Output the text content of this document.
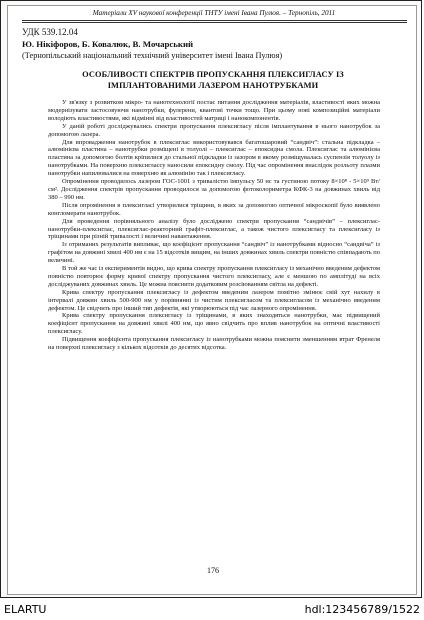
Матеріали XV наукової конференції ТНТУ імені Івана Пулюя. – Тернопіль, 2011
УДК 539.12.04
Ю. Нікіфоров, Б. Ковалюк, В. Мочарський
(Тернопільський національний технічний університет імені Івана Пулюя)
ОСОБЛИВОСТІ СПЕКТРІВ ПРОПУСКАННЯ ПЛЕКСИГЛАСУ ІЗ ІМПЛАНТОВАНИМИ ЛАЗЕРОМ НАНОТРУБКАМИ

У зв'язку з розвитком мікро- та нанотехнології постає питання дослідження матеріалів, властивості яких можна модернізувати застосовуючи нанотрубки, фулерени, квантові точки тощо. При цьому нові композиційні матеріали володіють властивостями, які відмінні від властивостей матриці і нанокомпонентів.

У даній роботі досліджувались спектри пропускання плексигласу після імплантування в нього нанотрубок за допомогою лазера.

Для впровадження нанотрубок в плексиглас використовувався багатошаровий “сандвіч”: стальна підкладка – алюмінієва пластина – нанотрубки розміщені в толуолі – плексиглас – епоксидна смола. Плексиглас та алюмінієва пластина за допомогою болтів кріпилися до стальної підкладки із зазором в якому розміщувалась суспензія толуолу із нанотрубками. На поверхню плексиглассу наносили епоксидну смолу. Під час опромінення внаслідок розльоту плазми нанотрубки напилювалися на поверхню як алюмінію так і плексигласу.

Опромінення проводилось лазером ГОС-1001 з тривалістю імпульсу 50 нс та густиною потоку 8×10⁸ - 5×10⁹ Вт/см². Дослідження спектрів пропускання проводилося за допомогою фотоколориметра КФК-3 на довжинах хвиль від 380 – 990 нм.

Після опромінення в плексигласі утворилися тріщини, в яких за допомогою оптичної мікроскопії було виявлено конгломерати нанотрубок.

Для проведення порівняльного аналізу було досліджено спектри пропускання “сандвічів” – плексиглас-нанотрубки-плексиглас, плексиглас-реакторний графіт-плексиглас, а також чистого плексигласу та плексигласу із тріщинами при різній тривалості і величині навантаження.

Із отриманих результатів випливає, що коефіцієнт пропускання “сандвіч” із нанотрубками відносно “сандвіча” із графітом на довжині хвилі 400 нм є на 15 відсотків вищим, на інших довжинах хвиль спектри повністю співпадають по величині.

В той же час із експериментів видно, що крива спектру пропускання плексигласу із механічно введеним дефектом повністю повторює форму кривої спектру пропускання чистого плексигласу, але є меншою по амплітуді на всіх досліджуваних довжинах хвиль. Це можна пояснити додатковим розсіюванням світла на дефекті.

Крива спектру пропускання плексигласу із дефектом введеним лазером помітно змінює свій хут нахилу в інтервалі довжин хвиль 500-900 нм у порівнянні із чистим плексигласом та плексигласом із механічно введеним дефектом. Це свідчить про інший тип дефектів, які утворюються під час лазерного опромінення.

Крива спектру пропускання плексигласу із тріщинами, в яких знаходяться нанотрубки, має підвищений коефіцієнт пропускання на довжині хвилі 400 нм, що явно свідчить про вплив нанотрубок на оптичні властивості плексигласу.

Підвищення коефіцієнта пропускання плексигласу із нанотрубками можна пояснити зменшенням втрат Френеля на поверхні плексигласу з кількох відсотків до десятих відсотка.

176
ELARTU	hdl:123456789/1522
